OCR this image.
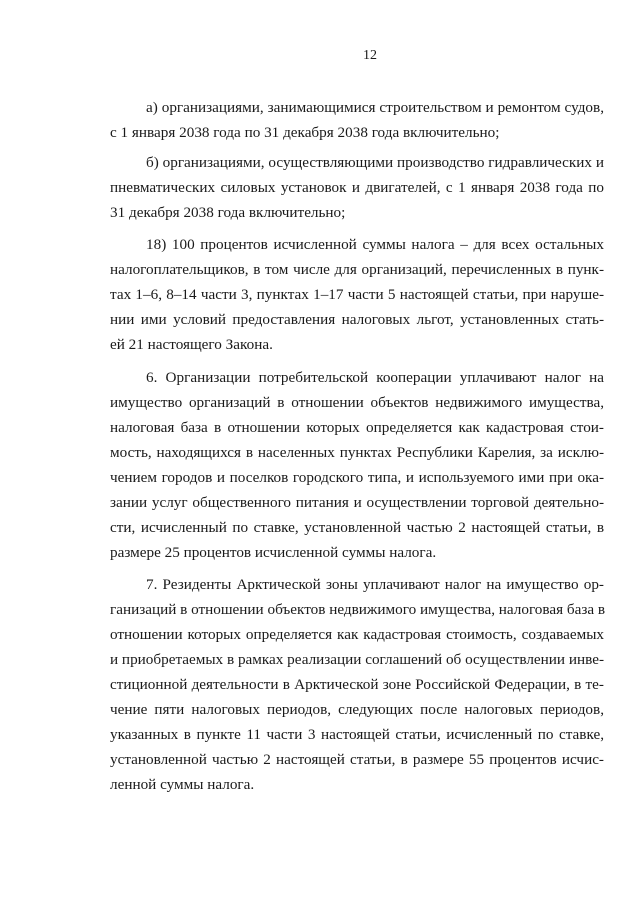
12
а) организациями, занимающимися строительством и ремонтом судов,
с 1 января 2038 года по 31 декабря 2038 года включительно;
б) организациями, осуществляющими производство гидравлических и
пневматических силовых установок и двигателей, с 1 января 2038 года по
31 декабря 2038 года включительно;
18) 100 процентов исчисленной суммы налога – для всех остальных
налогоплательщиков, в том числе для организаций, перечисленных в пунк-
тах 1–6, 8–14 части 3, пунктах 1–17 части 5 настоящей статьи, при наруше-
нии ими условий предоставления налоговых льгот, установленных стать-
ей 21 настоящего Закона.
6. Организации потребительской кооперации уплачивают налог на
имущество организаций в отношении объектов недвижимого имущества,
налоговая база в отношении которых определяется как кадастровая стои-
мость, находящихся в населенных пунктах Республики Карелия, за исклю-
чением городов и поселков городского типа, и используемого ими при ока-
зании услуг общественного питания и осуществлении торговой деятельно-
сти, исчисленный по ставке, установленной частью 2 настоящей статьи, в
размере 25 процентов исчисленной суммы налога.
7. Резиденты Арктической зоны уплачивают налог на имущество ор-
ганизаций в отношении объектов недвижимого имущества, налоговая база в
отношении которых определяется как кадастровая стоимость, создаваемых
и приобретаемых в рамках реализации соглашений об осуществлении инве-
стиционной деятельности в Арктической зоне Российской Федерации, в те-
чение пяти налоговых периодов, следующих после налоговых периодов,
указанных в пункте 11 части 3 настоящей статьи, исчисленный по ставке,
установленной частью 2 настоящей статьи, в размере 55 процентов исчис-
ленной суммы налога.
